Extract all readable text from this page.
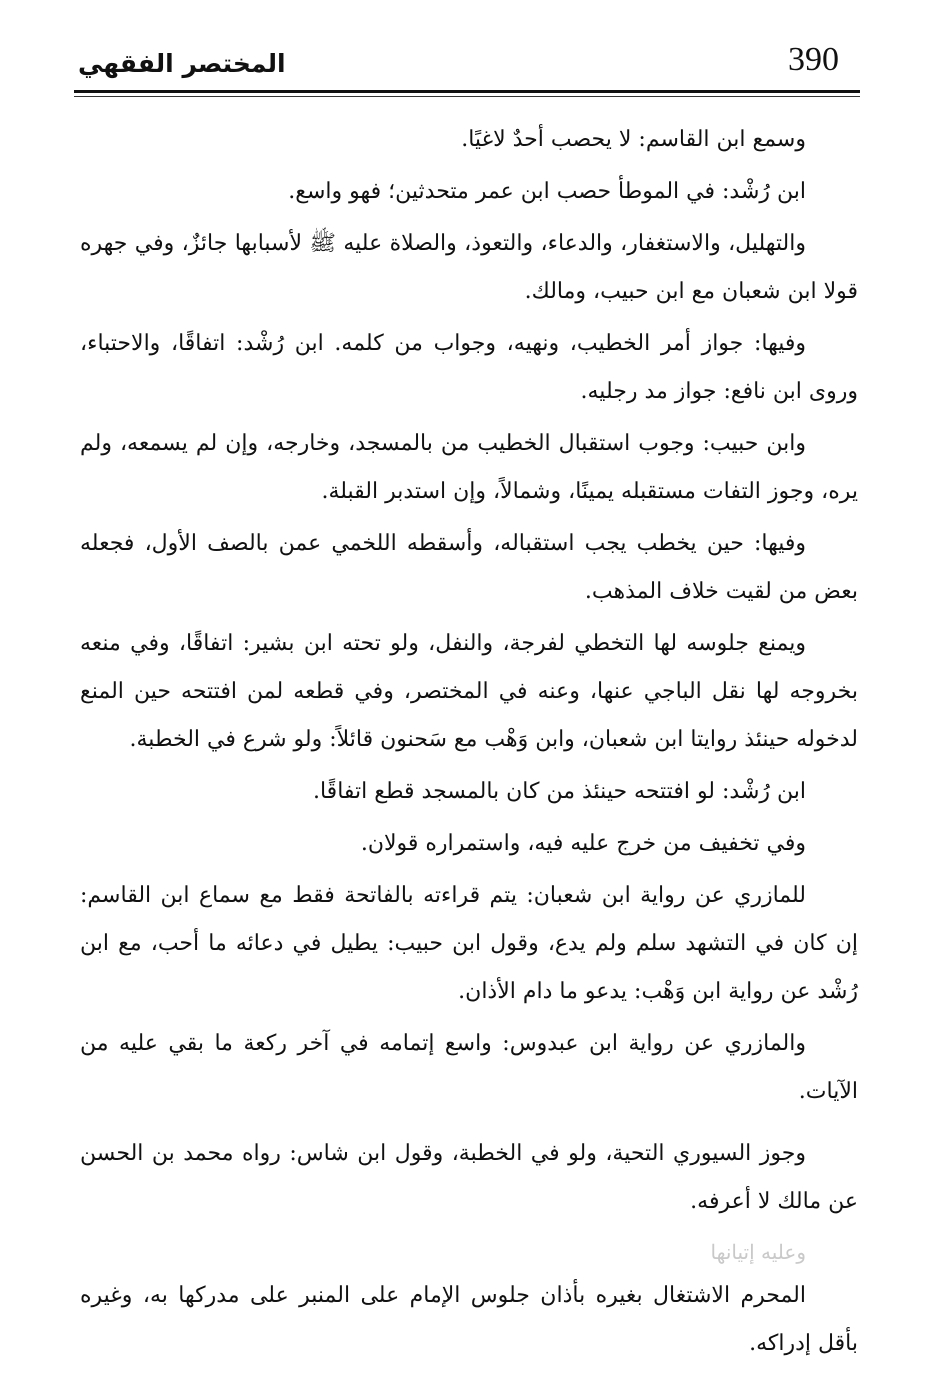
390
المختصر الفقهي

وسمع ابن القاسم: لا يحصب أحدٌ لاغيًا.

ابن رُشْد: في الموطأ حصب ابن عمر متحدثين؛ فهو واسع.

والتهليل، والاستغفار، والدعاء، والتعوذ، والصلاة عليه ﷺ لأسبابها جائزٌ، وفي جهره قولا ابن شعبان مع ابن حبيب، ومالك.

وفيها: جواز أمر الخطيب، ونهيه، وجواب من كلمه. ابن رُشْد: اتفاقًا، والاحتباء، وروى ابن نافع: جواز مد رجليه.

وابن حبيب: وجوب استقبال الخطيب من بالمسجد، وخارجه، وإن لم يسمعه، ولم يره، وجوز التفات مستقبله يمينًا، وشمالاً، وإن استدبر القبلة.

وفيها: حين يخطب يجب استقباله، وأسقطه اللخمي عمن بالصف الأول، فجعله بعض من لقيت خلاف المذهب.

ويمنع جلوسه لها التخطي لفرجة، والنفل، ولو تحته ابن بشير: اتفاقًا، وفي منعه بخروجه لها نقل الباجي عنها، وعنه في المختصر، وفي قطعه لمن افتتحه حين المنع لدخوله حينئذ روايتا ابن شعبان، وابن وَهْب مع سَحنون قائلاً: ولو شرع في الخطبة.

ابن رُشْد: لو افتتحه حينئذ من كان بالمسجد قطع اتفاقًا.

وفي تخفيف من خرج عليه فيه، واستمراره قولان.

للمازري عن رواية ابن شعبان: يتم قراءته بالفاتحة فقط مع سماع ابن القاسم: إن كان في التشهد سلم ولم يدع، وقول ابن حبيب: يطيل في دعائه ما أحب، مع ابن رُشْد عن رواية ابن وَهْب: يدعو ما دام الأذان.

والمازري عن رواية ابن عبدوس: واسع إتمامه في آخر ركعة ما بقي عليه من الآيات.

وجوز السيوري التحية، ولو في الخطبة، وقول ابن شاس: رواه محمد بن الحسن عن مالك لا أعرفه.

وعليه إتيانها

المحرم الاشتغال بغيره بأذان جلوس الإمام على المنبر على مدركها به، وغيره بأقل إدراكه.
